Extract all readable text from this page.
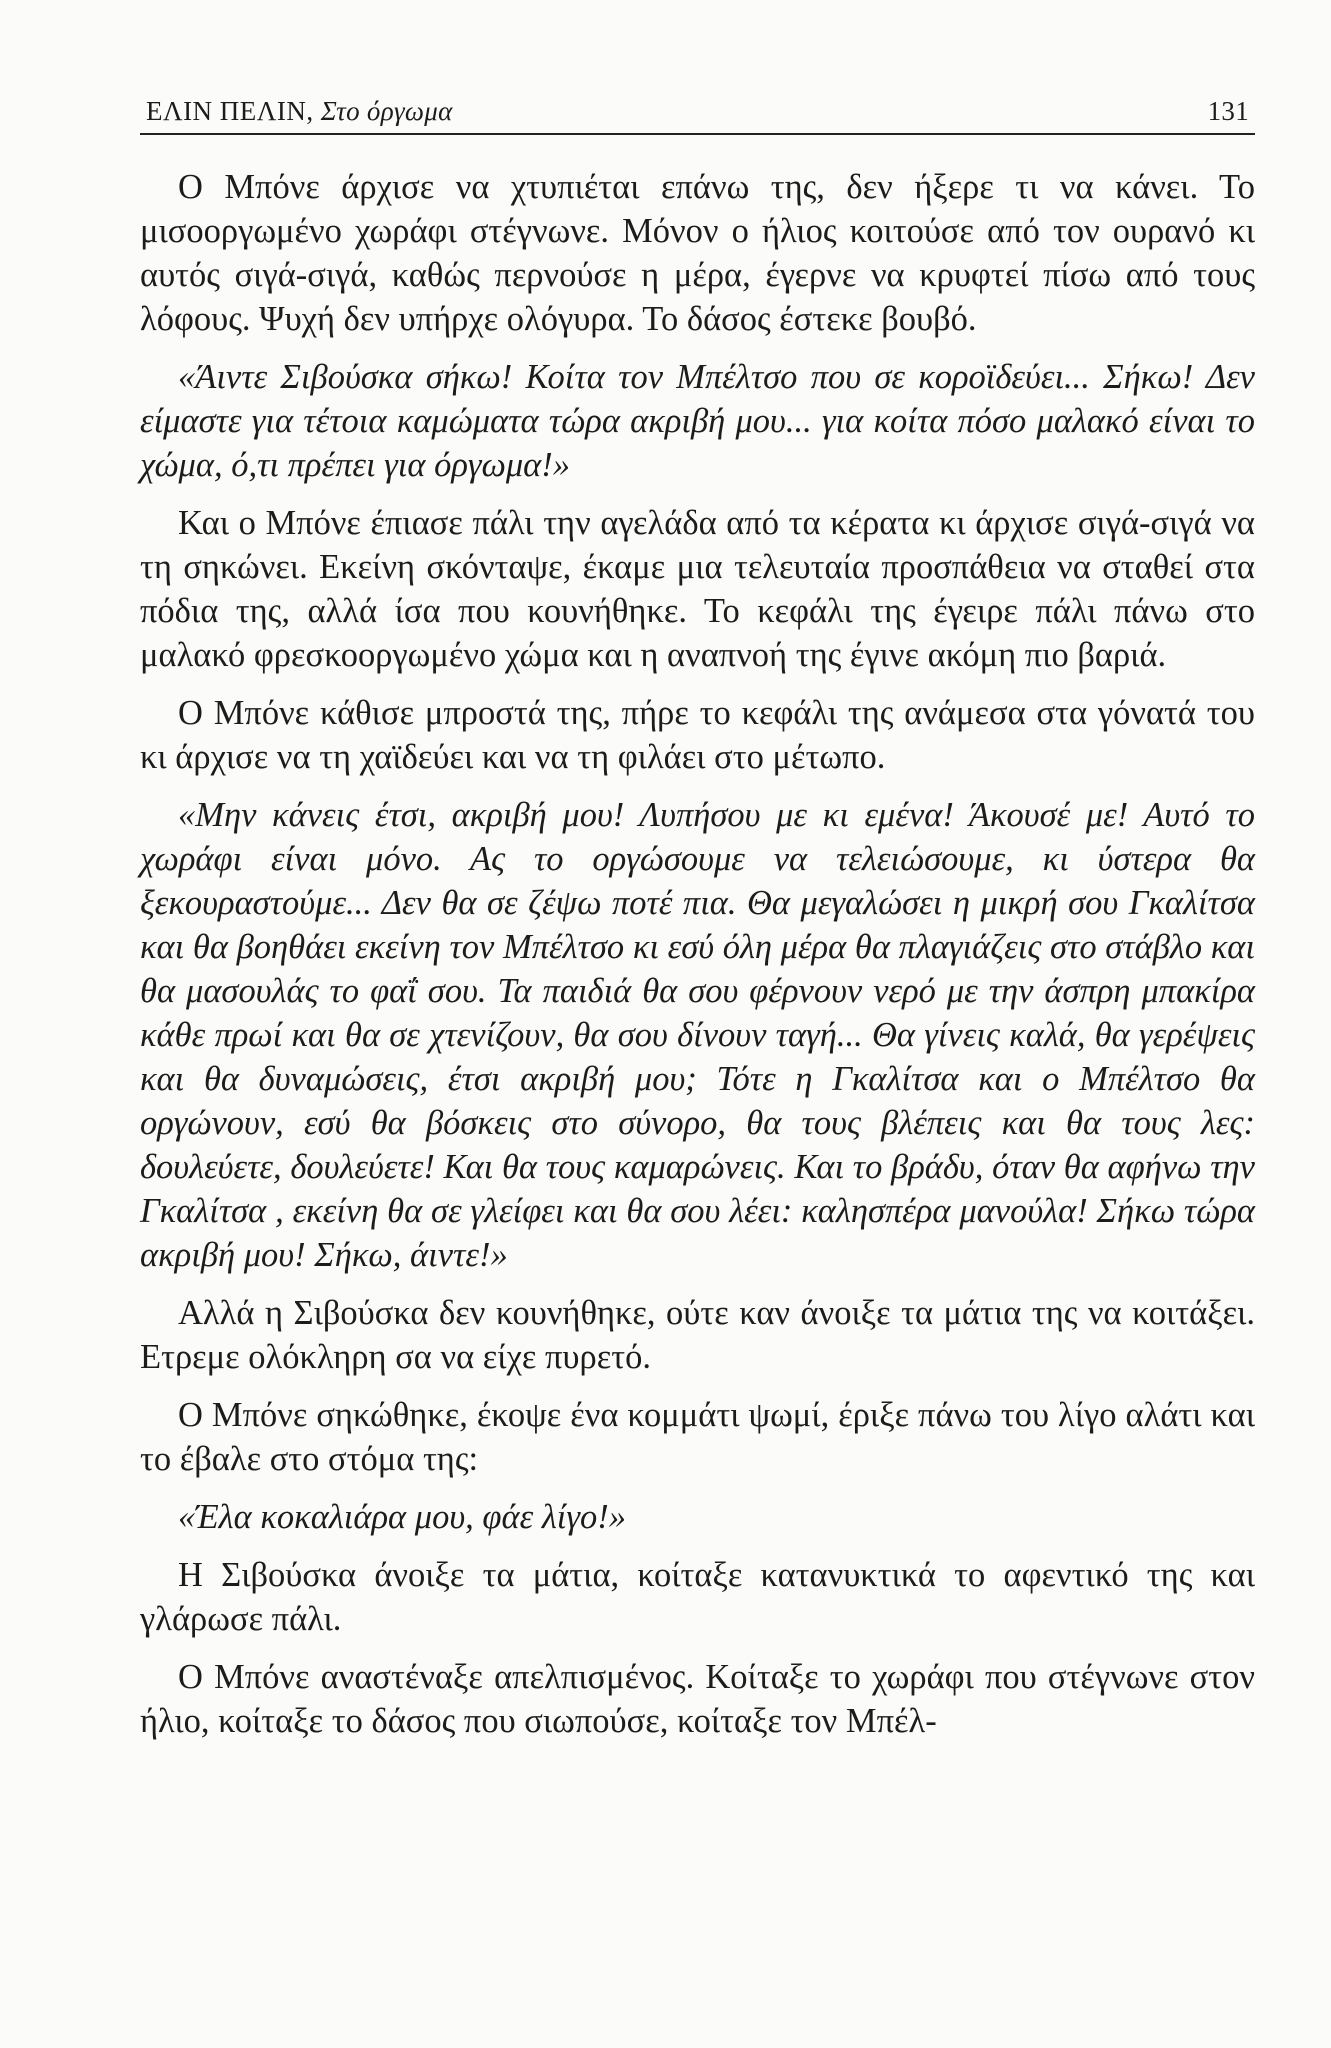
ΕΛΙΝ ΠΕΛΙΝ, Στο όργωμα	131

Ο Μπόνε άρχισε να χτυπιέται επάνω της, δεν ήξερε τι να κάνει. Το μισοοργωμένο χωράφι στέγνωνε. Μόνον ο ήλιος κοιτούσε από τον ουρανό κι αυτός σιγά-σιγά, καθώς περνούσε η μέρα, έγερνε να κρυφτεί πίσω από τους λόφους. Ψυχή δεν υπήρχε ολόγυρα. Το δάσος έστεκε βουβό.

«Άιντε Σιβούσκα σήκω! Κοίτα τον Μπέλτσο που σε κοροϊδεύει... Σήκω! Δεν είμαστε για τέτοια καμώματα τώρα ακριβή μου... για κοίτα πόσο μαλακό είναι το χώμα, ό,τι πρέπει για όργωμα!»

Και ο Μπόνε έπιασε πάλι την αγελάδα από τα κέρατα κι άρχισε σιγά-σιγά να τη σηκώνει. Εκείνη σκόνταψε, έκαμε μια τελευταία προσπάθεια να σταθεί στα πόδια της, αλλά ίσα που κουνήθηκε. Το κεφάλι της έγειρε πάλι πάνω στο μαλακό φρεσκοοργωμένο χώμα και η αναπνοή της έγινε ακόμη πιο βαριά.

Ο Μπόνε κάθισε μπροστά της, πήρε το κεφάλι της ανάμεσα στα γόνατά του κι άρχισε να τη χαϊδεύει και να τη φιλάει στο μέτωπο.

«Μην κάνεις έτσι, ακριβή μου! Λυπήσου με κι εμένα! Άκουσέ με! Αυτό το χωράφι είναι μόνο. Ας το οργώσουμε να τελειώσουμε, κι ύστερα θα ξεκουραστούμε... Δεν θα σε ζέψω ποτέ πια. Θα μεγαλώσει η μικρή σου Γκαλίτσα και θα βοηθάει εκείνη τον Μπέλτσο κι εσύ όλη μέρα θα πλαγιάζεις στο στάβλο και θα μασουλάς το φαΐ σου. Τα παιδιά θα σου φέρνουν νερό με την άσπρη μπακίρα κάθε πρωί και θα σε χτενίζουν, θα σου δίνουν ταγή... Θα γίνεις καλά, θα γερέψεις και θα δυναμώσεις, έτσι ακριβή μου; Τότε η Γκαλίτσα και ο Μπέλτσο θα οργώνουν, εσύ θα βόσκεις στο σύνορο, θα τους βλέπεις και θα τους λες: δουλεύετε, δουλεύετε! Και θα τους καμαρώνεις. Και το βράδυ, όταν θα αφήνω την Γκαλίτσα , εκείνη θα σε γλείφει και θα σου λέει: καλησπέρα μανούλα! Σήκω τώρα ακριβή μου! Σήκω, άιντε!»

Αλλά η Σιβούσκα δεν κουνήθηκε, ούτε καν άνοιξε τα μάτια της να κοιτάξει. Ετρεμε ολόκληρη σα να είχε πυρετό.

Ο Μπόνε σηκώθηκε, έκοψε ένα κομμάτι ψωμί, έριξε πάνω του λίγο αλάτι και το έβαλε στο στόμα της:

«Έλα κοκαλιάρα μου, φάε λίγο!»

Η Σιβούσκα άνοιξε τα μάτια, κοίταξε κατανυκτικά το αφεντικό της και γλάρωσε πάλι.

Ο Μπόνε αναστέναξε απελπισμένος. Κοίταξε το χωράφι που στέγνωνε στον ήλιο, κοίταξε το δάσος που σιωπούσε, κοίταξε τον Μπέλ-
